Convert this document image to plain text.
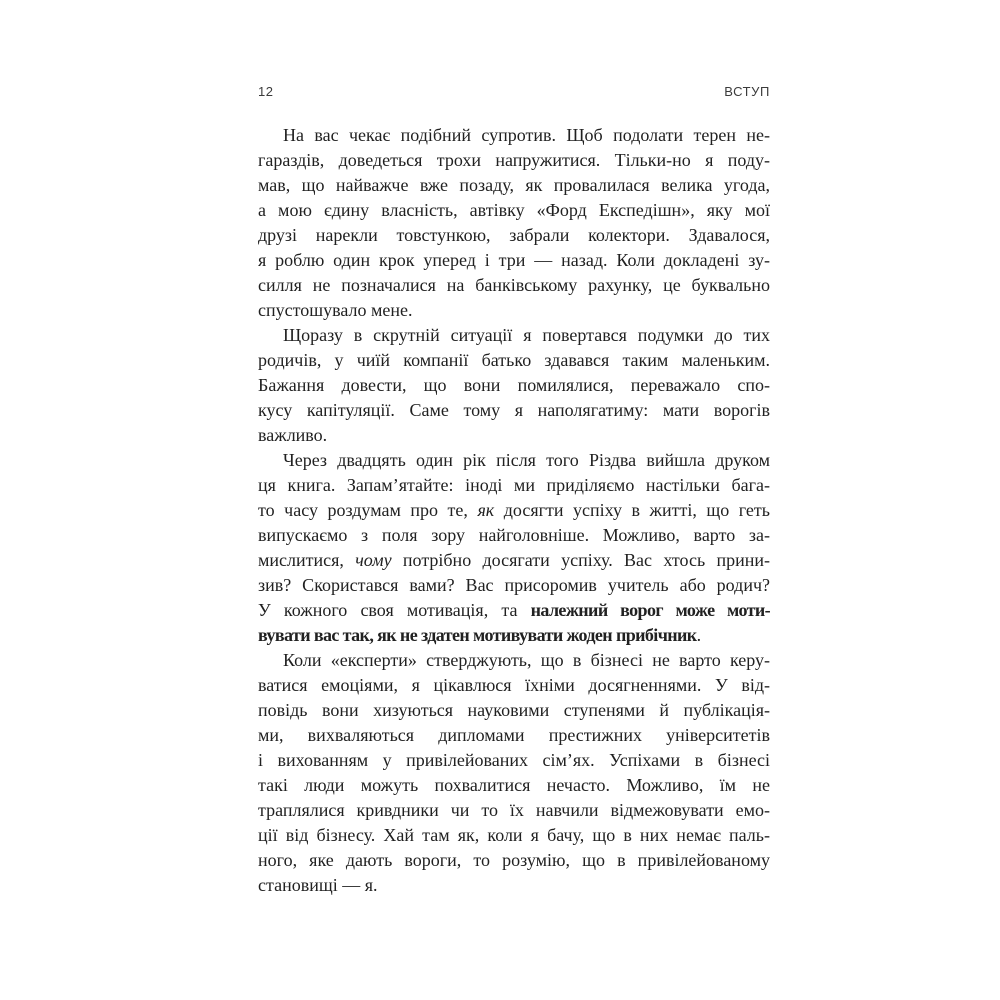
12	ВСТУП
На вас чекає подібний супротив. Щоб подолати терен не-
гараздів, доведеться трохи напружитися. Тільки-но я поду-
мав, що найважче вже позаду, як провалилася велика угода,
а мою єдину власність, автівку «Форд Експедішн», яку мої
друзі нарекли товстункою, забрали колектори. Здавалося,
я роблю один крок уперед і три — назад. Коли докладені зу-
силля не позначалися на банківському рахунку, це буквально
спустошувало мене.
Щоразу в скрутній ситуації я повертався подумки до тих
родичів, у чиїй компанії батько здавався таким маленьким.
Бажання довести, що вони помилялися, переважало спо-
кусу капітуляції. Саме тому я наполягатиму: мати ворогів
важливо.
Через двадцять один рік після того Різдва вийшла друком
ця книга. Запам’ятайте: іноді ми приділяємо настільки бага-
то часу роздумам про те, як досягти успіху в житті, що геть
випускаємо з поля зору найголовніше. Можливо, варто за-
мислитися, чому потрібно досягати успіху. Вас хтось прини-
зив? Скористався вами? Вас присоромив учитель або родич?
У кожного своя мотивація, та належний ворог може моти-
вувати вас так, як не здатен мотивувати жоден прибічник.
Коли «експерти» стверджують, що в бізнесі не варто керу-
ватися емоціями, я цікавлюся їхніми досягненнями. У від-
повідь вони хизуються науковими ступенями й публікація-
ми, вихваляються дипломами престижних університетів
і вихованням у привілейованих сім’ях. Успіхами в бізнесі
такі люди можуть похвалитися нечасто. Можливо, їм не
траплялися кривдники чи то їх навчили відмежовувати емо-
ції від бізнесу. Хай там як, коли я бачу, що в них немає паль-
ного, яке дають вороги, то розумію, що в привілейованому
становищі — я.
